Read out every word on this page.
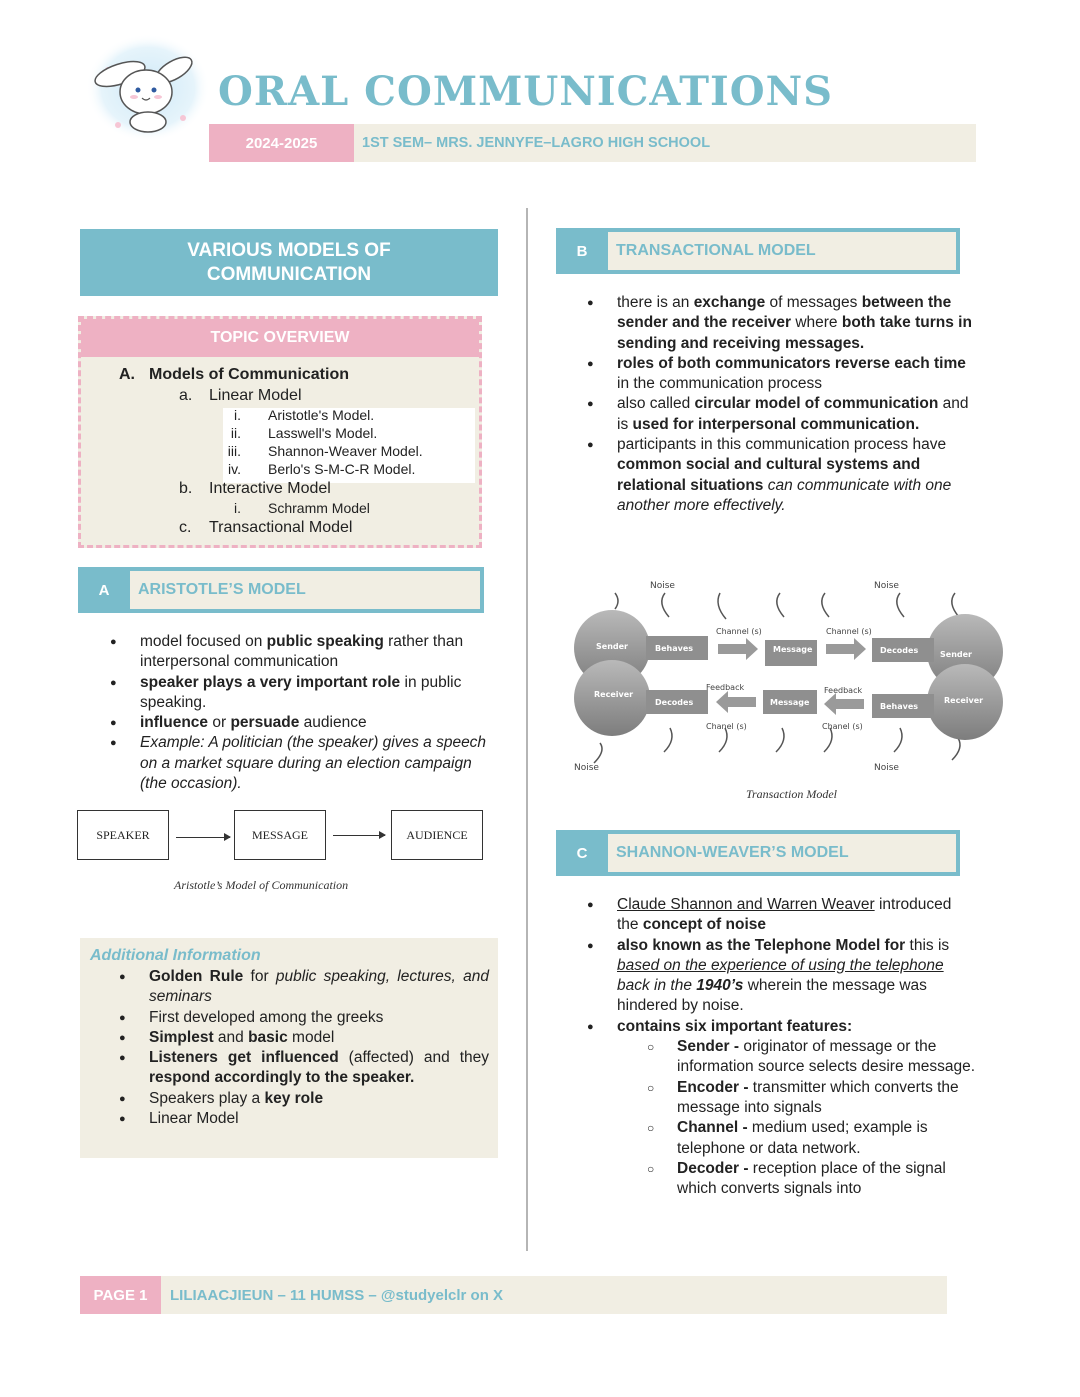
ORAL COMMUNICATIONS
2024-2025	1ST SEM– MRS. JENNYFE–LAGRO HIGH SCHOOL
VARIOUS MODELS OF COMMUNICATION
TOPIC OVERVIEW
A. Models of Communication
a. Linear Model
i. Aristotle's Model.
ii. Lasswell's Model.
iii. Shannon-Weaver Model.
iv. Berlo's S-M-C-R Model.
b. Interactive Model
i. Schramm Model
c. Transactional Model
A	ARISTOTLE’S MODEL
● model focused on public speaking rather than interpersonal communication
● speaker plays a very important role in public speaking.
● influence or persuade audience
● Example: A politician (the speaker) gives a speech on a market square during an election campaign (the occasion).
SPEAKER	MESSAGE	AUDIENCE
Aristotle’s Model of Communication
Additional Information
● Golden Rule for public speaking, lectures, and seminars
● First developed among the greeks
● Simplest and basic model
● Listeners get influenced (affected) and they respond accordingly to the speaker.
● Speakers play a key role
● Linear Model
B	TRANSACTIONAL MODEL
● there is an exchange of messages between the sender and the receiver where both take turns in sending and receiving messages.
● roles of both communicators reverse each time in the communication process
● also called circular model of communication and is used for interpersonal communication.
● participants in this communication process have common social and cultural systems and relational situations can communicate with one another more effectively.
Noise	Noise
Noise	Noise
Sender
Receiver
Sender
Receiver
Behaves
Decodes
Message
Message
Decodes
Behaves
Channel (s)	Channel (s)
Feedback	Feedback
Chanel (s)	Chanel (s)
Transaction Model
C	SHANNON-WEAVER’S MODEL
● Claude Shannon and Warren Weaver introduced the concept of noise
● also known as the Telephone Model for this is based on the experience of using the telephone back in the 1940’s wherein the message was hindered by noise.
● contains six important features:
○ Sender - originator of message or the information source selects desire message.
○ Encoder - transmitter which converts the message into signals
○ Channel - medium used; example is telephone or data network.
○ Decoder - reception place of the signal which converts signals into
PAGE 1	LILIAACJIEUN – 11 HUMSS – @studyelclr on X
